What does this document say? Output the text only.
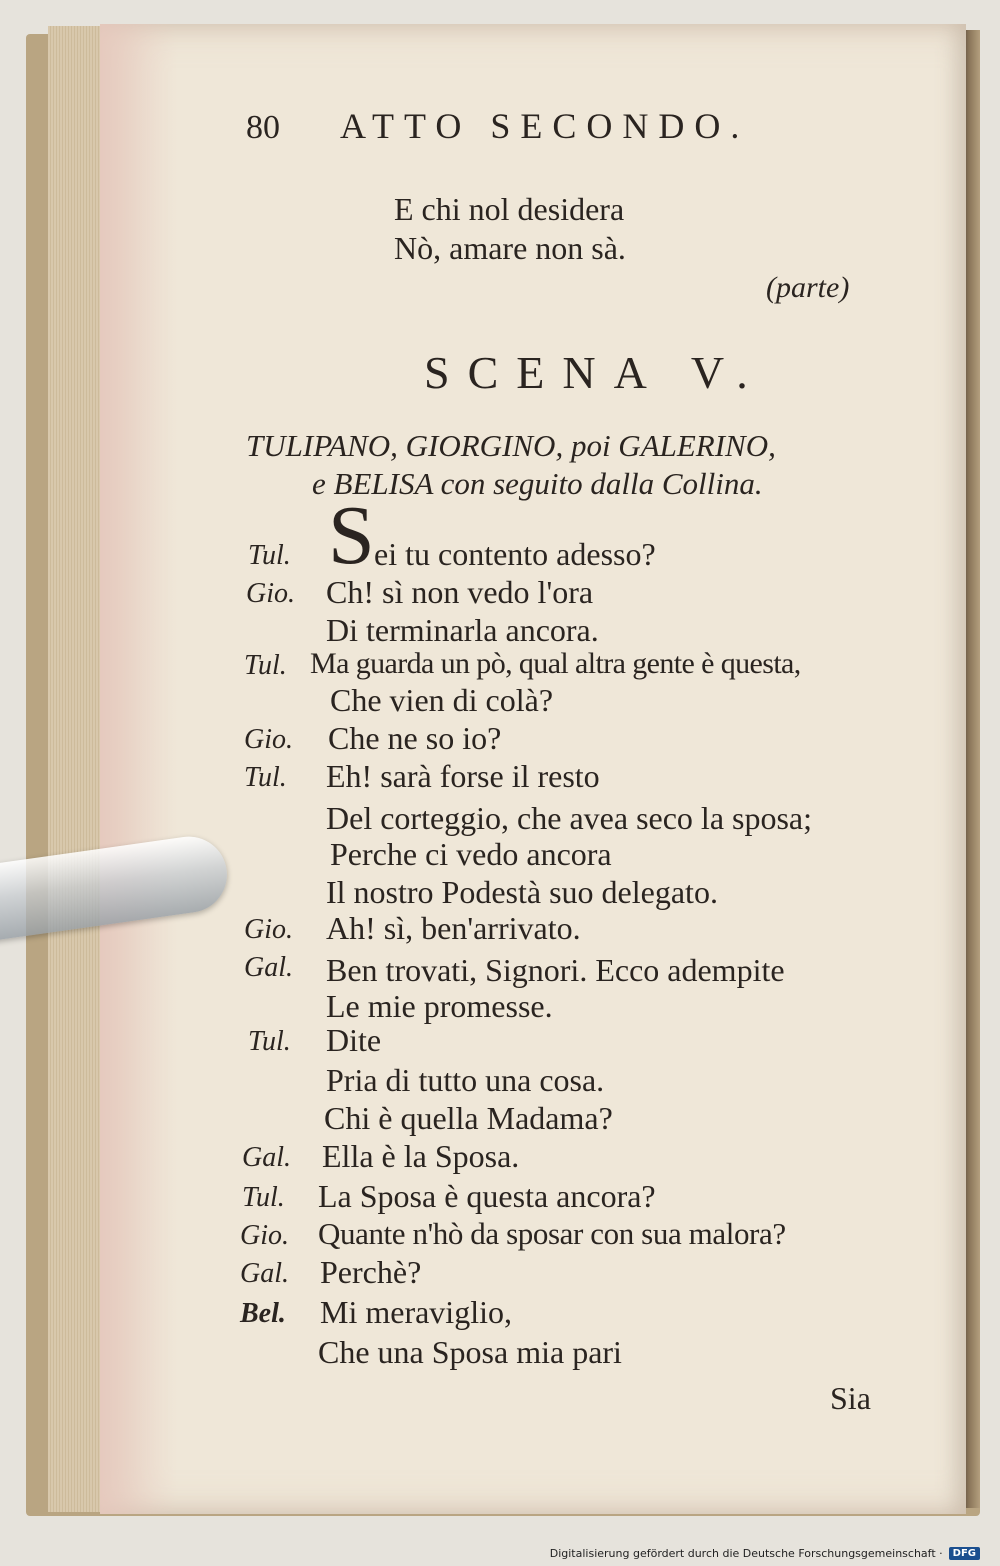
80 ATTO SECONDO.
E chi nol desidera
Nò, amare non sà.
(parte)
SCENA V.
TULIPANO, GIORGINO, poi GALERINO,
e BELISA con seguito dalla Collina.
S
Tul.	ei tu contento adesso?
Gio. Ch! sì non vedo l'ora
Di terminarla ancora.
Tul. Ma guarda un pò, qual altra gente è questa,
Che vien di colà?
Gio. Che ne so io?
Tul. Eh! sarà forse il resto
Del corteggio, che avea seco la sposa;
Perche ci vedo ancora
Il nostro Podestà suo delegato.
Gio. Ah! sì, ben'arrivato.
Gal. Ben trovati, Signori. Ecco adempite
Le mie promesse.
Tul. Dite
Pria di tutto una cosa.
Chi è quella Madama?
Gal. Ella è la Sposa.
Tul. La Sposa è questa ancora?
Gio. Quante n'hò da sposar con sua malora?
Gal. Perchè?
Bel. Mi meraviglio,
Che una Sposa mia pari
Sia
Digitalisierung gefördert durch die Deutsche Forschungsgemeinschaft ·	DFG
